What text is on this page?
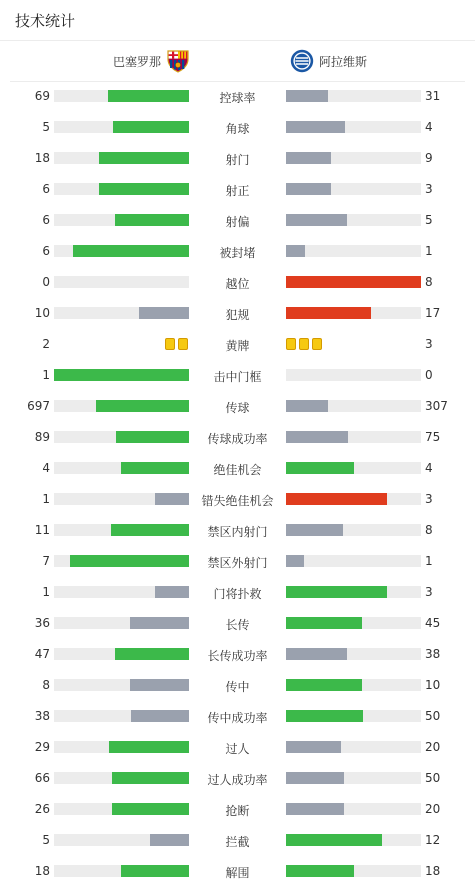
技术统计
巴塞罗那	阿拉维斯
69	控球率	31
5	角球	4
18	射门	9
6	射正	3
6	射偏	5
6	被封堵	1
0	越位	8
10	犯规	17
2	黄牌	3
1	击中门框	0
697	传球	307
89	传球成功率	75
4	绝佳机会	4
1	错失绝佳机会	3
11	禁区内射门	8
7	禁区外射门	1
1	门将扑救	3
36	长传	45
47	长传成功率	38
8	传中	10
38	传中成功率	50
29	过人	20
66	过人成功率	50
26	抢断	20
5	拦截	12
18	解围	18
